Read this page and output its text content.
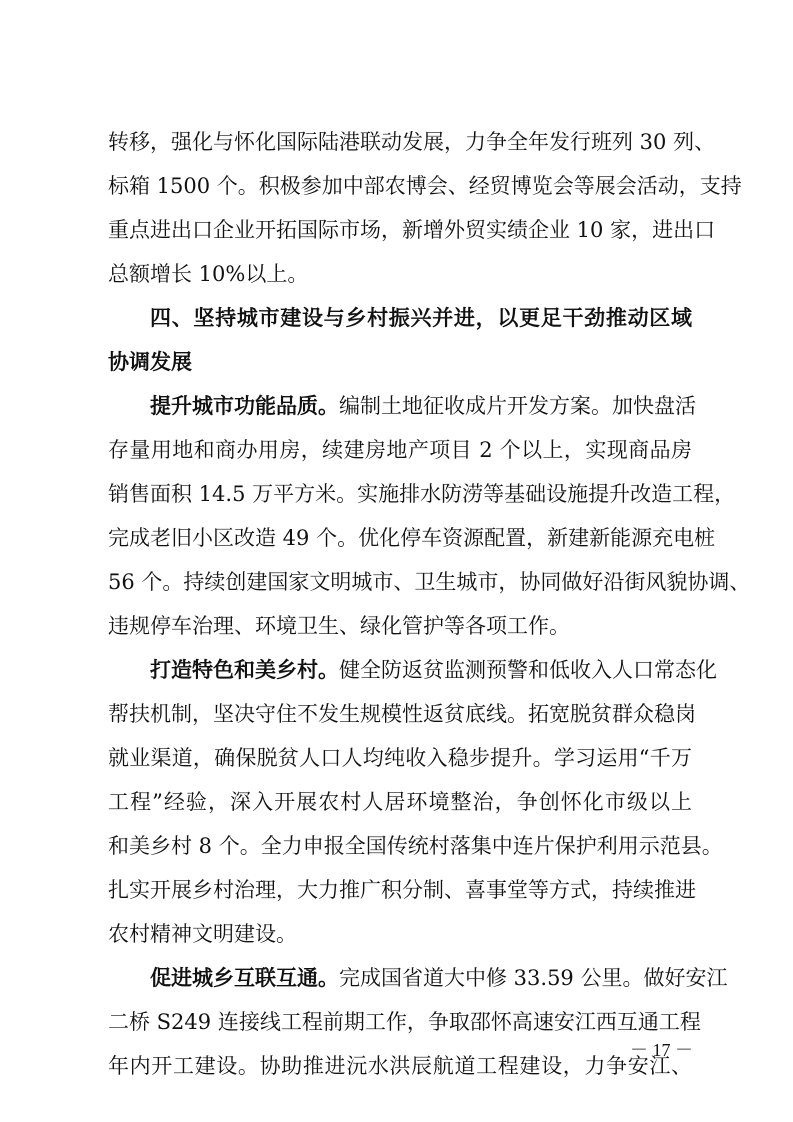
转移，强化与怀化国际陆港联动发展，力争全年发行班列 30 列、
标箱 1500 个。积极参加中部农博会、经贸博览会等展会活动，支持
重点进出口企业开拓国际市场，新增外贸实绩企业 10 家，进出口
总额增长 10%以上。
四、坚持城市建设与乡村振兴并进，以更足干劲推动区域
协调发展
提升城市功能品质。编制土地征收成片开发方案。加快盘活
存量用地和商办用房，续建房地产项目 2 个以上，实现商品房
销售面积 14.5 万平方米。实施排水防涝等基础设施提升改造工程，
完成老旧小区改造 49 个。优化停车资源配置，新建新能源充电桩
56 个。持续创建国家文明城市、卫生城市，协同做好沿街风貌协调、
违规停车治理、环境卫生、绿化管护等各项工作。
打造特色和美乡村。健全防返贫监测预警和低收入人口常态化
帮扶机制，坚决守住不发生规模性返贫底线。拓宽脱贫群众稳岗
就业渠道，确保脱贫人口人均纯收入稳步提升。学习运用“千万
工程”经验，深入开展农村人居环境整治，争创怀化市级以上
和美乡村 8 个。全力申报全国传统村落集中连片保护利用示范县。
扎实开展乡村治理，大力推广积分制、喜事堂等方式，持续推进
农村精神文明建设。
促进城乡互联互通。完成国省道大中修 33.59 公里。做好安江
二桥 S249 连接线工程前期工作，争取邵怀高速安江西互通工程
年内开工建设。协助推进沅水洪辰航道工程建设，力争安江、
－ 17 －
